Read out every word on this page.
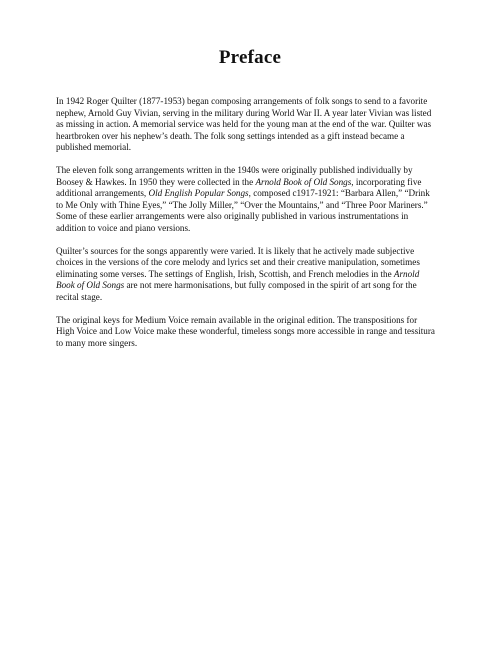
Preface

In 1942 Roger Quilter (1877-1953) began composing arrangements of folk songs to send to a favorite
nephew, Arnold Guy Vivian, serving in the military during World War II. A year later Vivian was listed
as missing in action. A memorial service was held for the young man at the end of the war. Quilter was
heartbroken over his nephew’s death. The folk song settings intended as a gift instead became a
published memorial.

The eleven folk song arrangements written in the 1940s were originally published individually by
Boosey & Hawkes. In 1950 they were collected in the Arnold Book of Old Songs, incorporating five
additional arrangements, Old English Popular Songs, composed c1917-1921: “Barbara Allen,” “Drink
to Me Only with Thine Eyes,” “The Jolly Miller,” “Over the Mountains,” and “Three Poor Mariners.”
Some of these earlier arrangements were also originally published in various instrumentations in
addition to voice and piano versions.

Quilter’s sources for the songs apparently were varied. It is likely that he actively made subjective
choices in the versions of the core melody and lyrics set and their creative manipulation, sometimes
eliminating some verses. The settings of English, Irish, Scottish, and French melodies in the Arnold
Book of Old Songs are not mere harmonisations, but fully composed in the spirit of art song for the
recital stage.

The original keys for Medium Voice remain available in the original edition. The transpositions for
High Voice and Low Voice make these wonderful, timeless songs more accessible in range and tessitura
to many more singers.
